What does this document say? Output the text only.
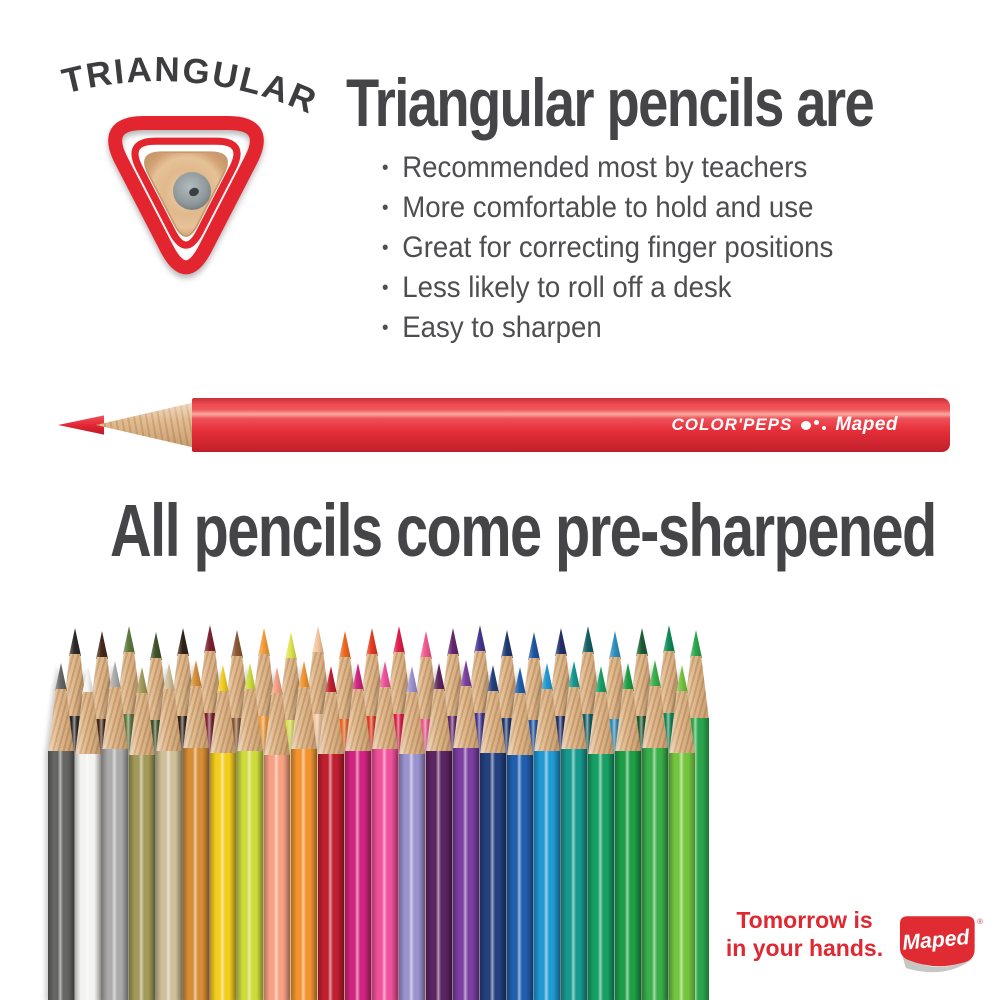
TRIANGULAR Triangular pencils are
• Recommended most by teachers
• More comfortable to hold and use
• Great for correcting finger positions
• Less likely to roll off a desk
• Easy to sharpen
COLOR'PEPS Maped
All pencils come pre-sharpened
Tomorrow is
in your hands. Maped
®
